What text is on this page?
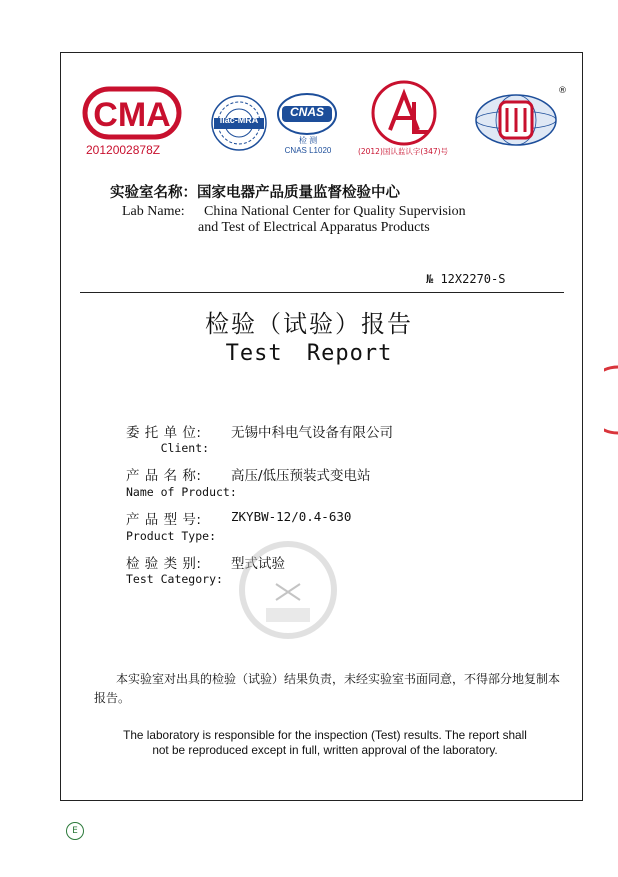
CMA
2012002878Z
ilac-MRA
CNAS
检 测
CNAS L1020	(2012)国认监认字(347)号
®
实验室名称：国家电器产品质量监督检验中心
Lab Name: China National Center for Quality Supervision
and Test of Electrical Apparatus Products
№ 12X2270-S
检验（试验）报告
Test Report
委 托 单 位: 无锡中科电气设备有限公司
Client:
产 品 名 称: 高压/低压预装式变电站
Name of Product:
产 品 型 号: ZKYBW-12/0.4-630
Product Type:
检 验 类 别: 型式试验
Test Category:
本实验室对出具的检验（试验）结果负责，未经实验室书面同意，不得部分地复制本报告。
The laboratory is responsible for the inspection (Test) results. The report shall
not be reproduced except in full, written approval of the laboratory.
E
